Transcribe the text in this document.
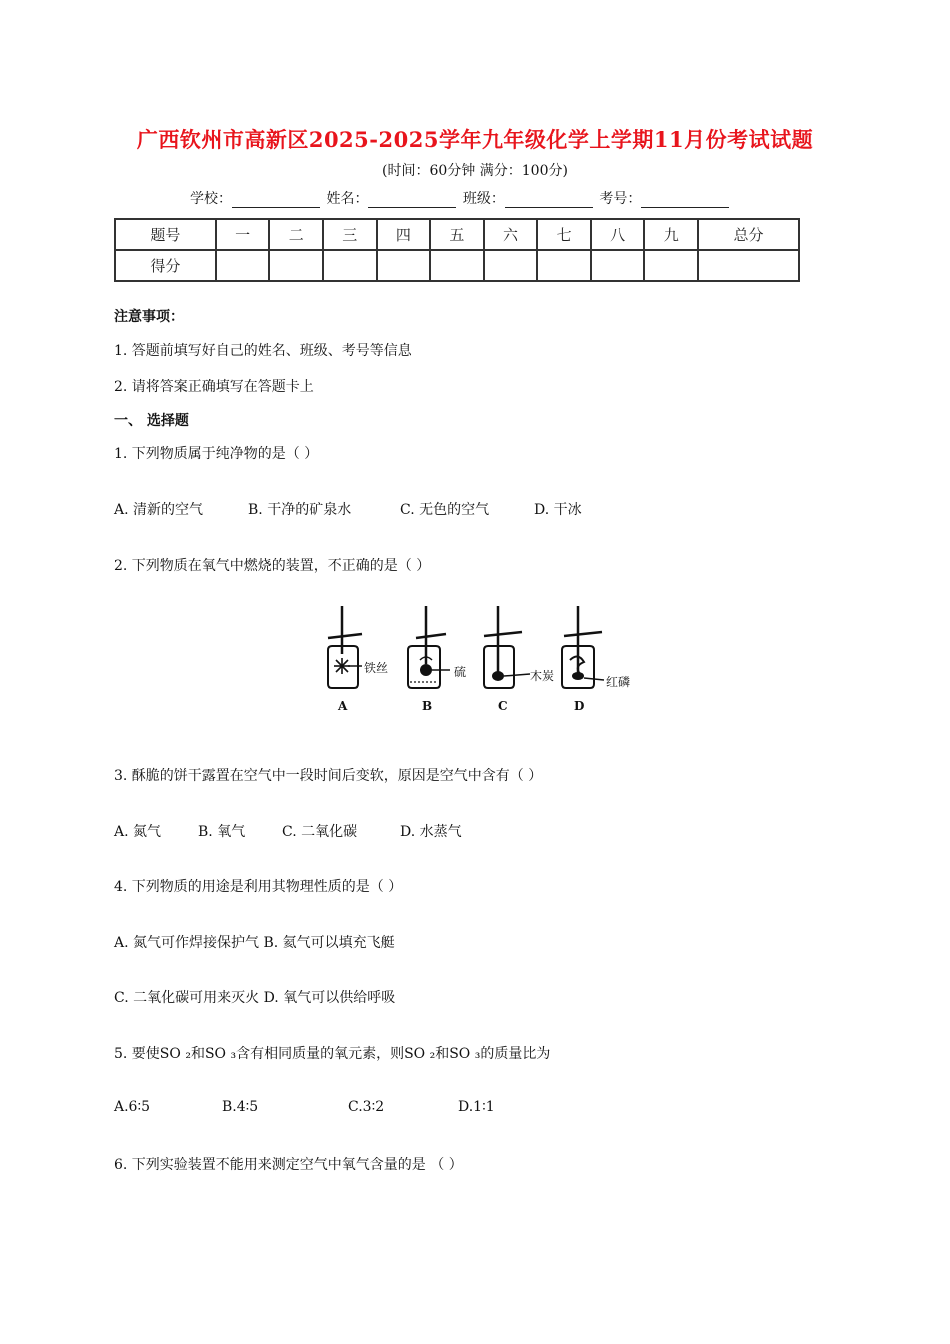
广西钦州市高新区2025-2025学年九年级化学上学期11月份考试试题
(时间：60分钟 满分：100分)
学校：	姓名：	班级：	考号：
题号	一	二	三	四	五	六	七	八	九	总分
得分										
注意事项：
1. 答题前填写好自己的姓名、班级、考号等信息
2. 请将答案正确填写在答题卡上
一、 选择题
1. 下列物质属于纯净物的是（ ）
A. 清新的空气	B. 干净的矿泉水	C. 无色的空气	D. 干冰
2. 下列物质在氧气中燃烧的装置，不正确的是（ ）
铁丝
A
硫
B
木炭
C
红磷
D
3. 酥脆的饼干露置在空气中一段时间后变软，原因是空气中含有（ ）
A. 氮气	B. 氧气	C. 二氧化碳	D. 水蒸气
4. 下列物质的用途是利用其物理性质的是（ ）
A. 氮气可作焊接保护气 B. 氦气可以填充飞艇
C. 二氧化碳可用来灭火 D. 氧气可以供给呼吸
5. 要使SO ₂和SO ₃含有相同质量的氧元素，则SO ₂和SO ₃的质量比为
A.6∶5	B.4∶5	C.3∶2	D.1∶1
6. 下列实验装置不能用来测定空气中氧气含量的是 （ ）
